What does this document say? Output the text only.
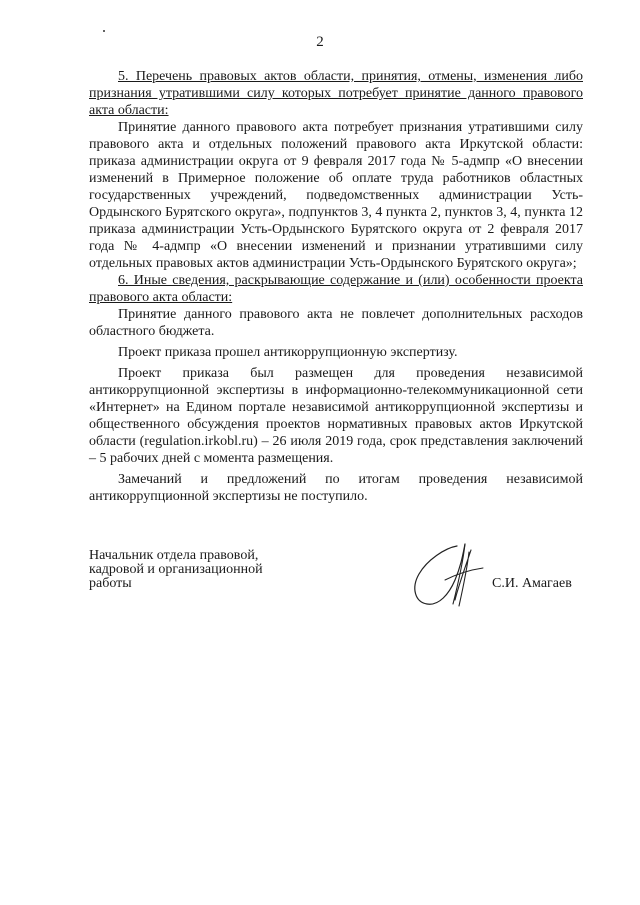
2

5. Перечень правовых актов области, принятия, отмены, изменения либо признания утратившими силу которых потребует принятие данного правового акта области:

Принятие данного правового акта потребует признания утратившими силу правового акта и отдельных положений правового акта Иркутской области: приказа администрации округа от 9 февраля 2017 года № 5-адмпр «О внесении изменений в Примерное положение об оплате труда работников областных государственных учреждений, подведомственных администрации Усть-Ордынского Бурятского округа», подпунктов 3, 4 пункта 2, пунктов 3, 4, пункта 12 приказа администрации Усть-Ордынского Бурятского округа от 2 февраля 2017 года № 4-адмпр «О внесении изменений и признании утратившими силу отдельных правовых актов администрации Усть-Ордынского Бурятского округа»;

6. Иные сведения, раскрывающие содержание и (или) особенности проекта правового акта области:

Принятие данного правового акта не повлечет дополнительных расходов областного бюджета.

Проект приказа прошел антикоррупционную экспертизу.

Проект приказа был размещен для проведения независимой антикоррупционной экспертизы в информационно-телекоммуникационной сети «Интернет» на Едином портале независимой антикоррупционной экспертизы и общественного обсуждения проектов нормативных правовых актов Иркутской области (regulation.irkobl.ru) – 26 июля 2019 года, срок представления заключений – 5 рабочих дней с момента размещения.

Замечаний и предложений по итогам проведения независимой антикоррупционной экспертизы не поступило.

Начальник отдела правовой,
кадровой и организационной
работы	С.И. Амагаев
